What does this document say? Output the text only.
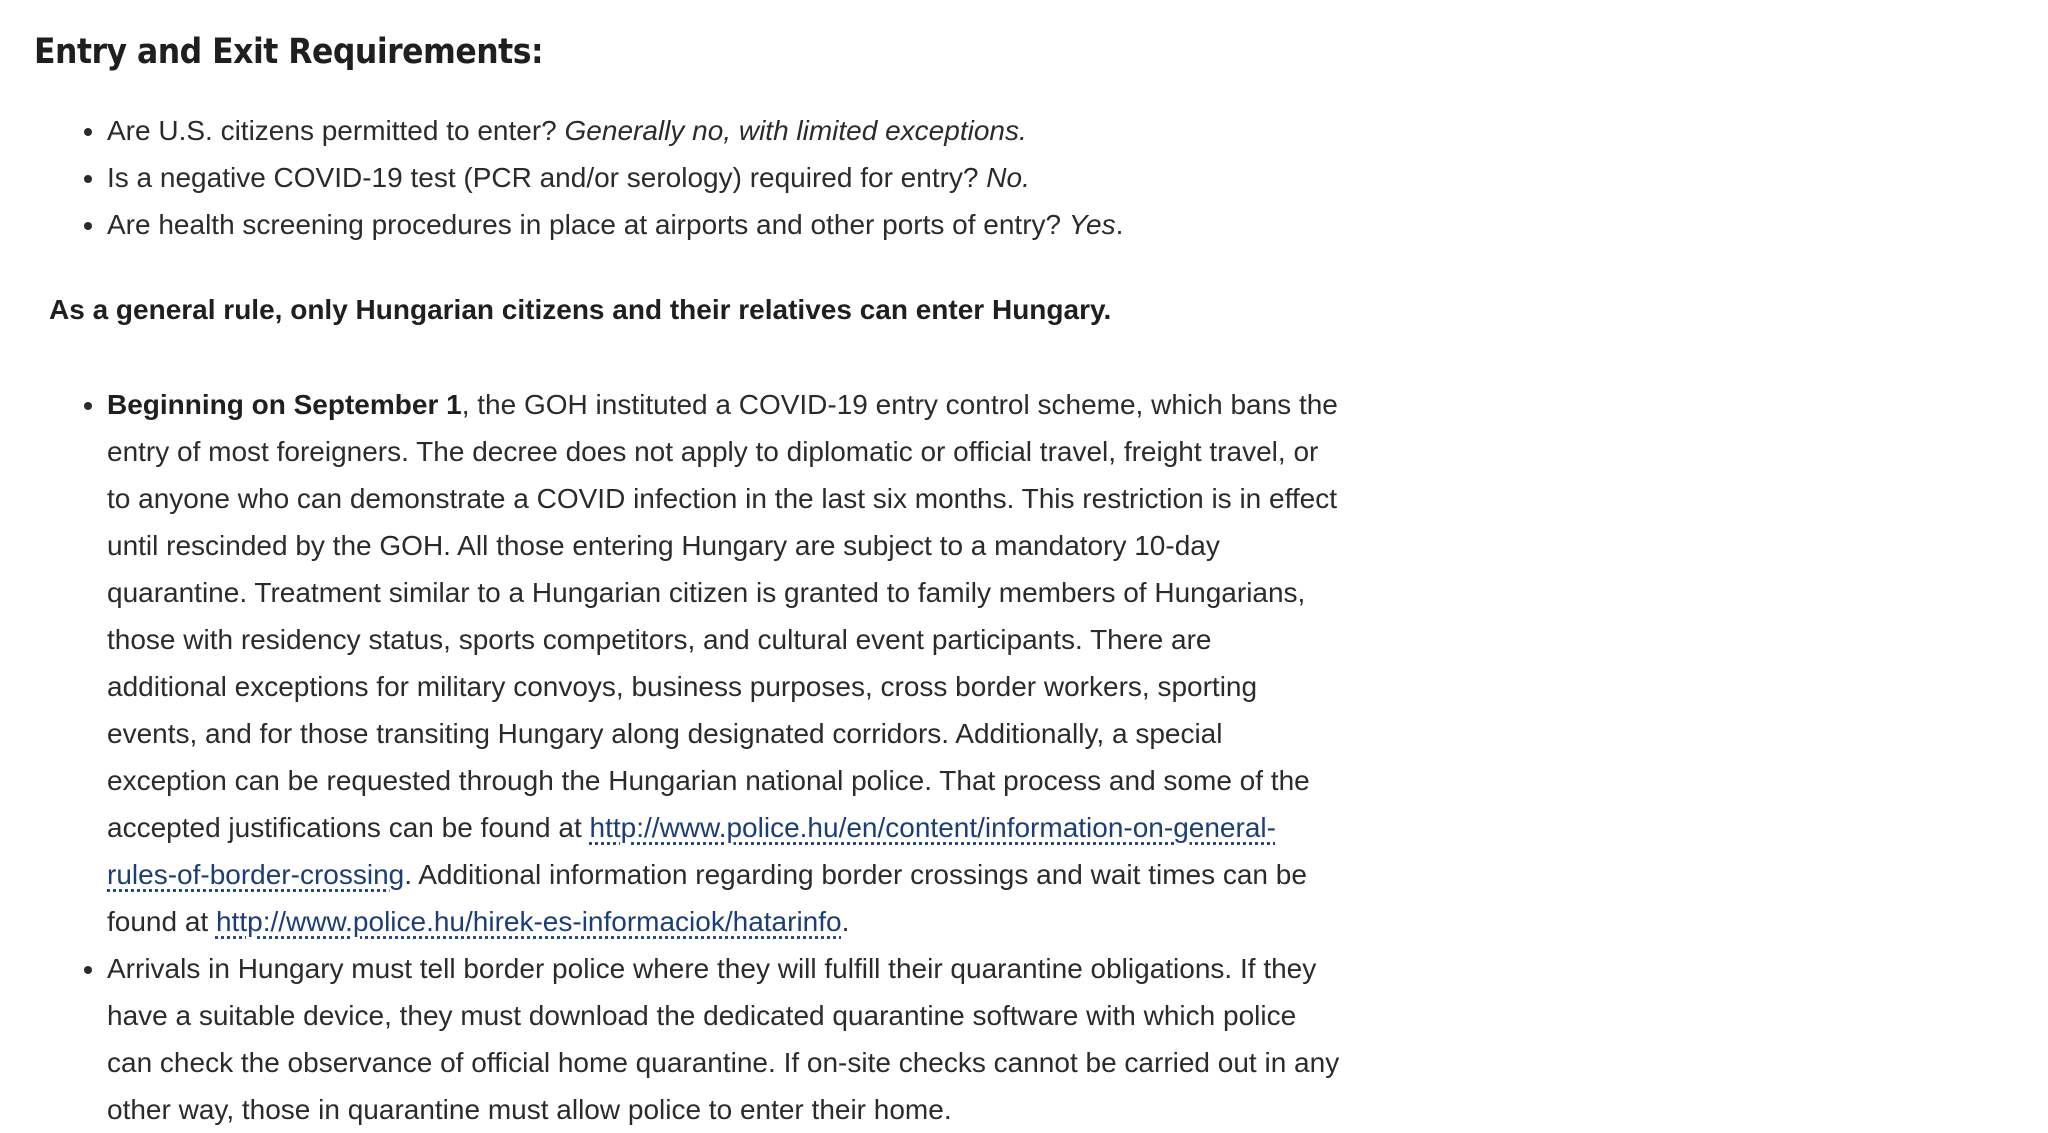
Entry and Exit Requirements:
• Are U.S. citizens permitted to enter? Generally no, with limited exceptions.
• Is a negative COVID-19 test (PCR and/or serology) required for entry? No.
• Are health screening procedures in place at airports and other ports of entry? Yes.

As a general rule, only Hungarian citizens and their relatives can enter Hungary.

• Beginning on September 1, the GOH instituted a COVID-19 entry control scheme, which bans the
entry of most foreigners. The decree does not apply to diplomatic or official travel, freight travel, or
to anyone who can demonstrate a COVID infection in the last six months. This restriction is in effect
until rescinded by the GOH. All those entering Hungary are subject to a mandatory 10-day
quarantine. Treatment similar to a Hungarian citizen is granted to family members of Hungarians,
those with residency status, sports competitors, and cultural event participants. There are
additional exceptions for military convoys, business purposes, cross border workers, sporting
events, and for those transiting Hungary along designated corridors. Additionally, a special
exception can be requested through the Hungarian national police. That process and some of the
accepted justifications can be found at http://www.police.hu/en/content/information-on-general-
rules-of-border-crossing. Additional information regarding border crossings and wait times can be
found at http://www.police.hu/hirek-es-informaciok/hatarinfo.
• Arrivals in Hungary must tell border police where they will fulfill their quarantine obligations. If they
have a suitable device, they must download the dedicated quarantine software with which police
can check the observance of official home quarantine. If on-site checks cannot be carried out in any
other way, those in quarantine must allow police to enter their home.
